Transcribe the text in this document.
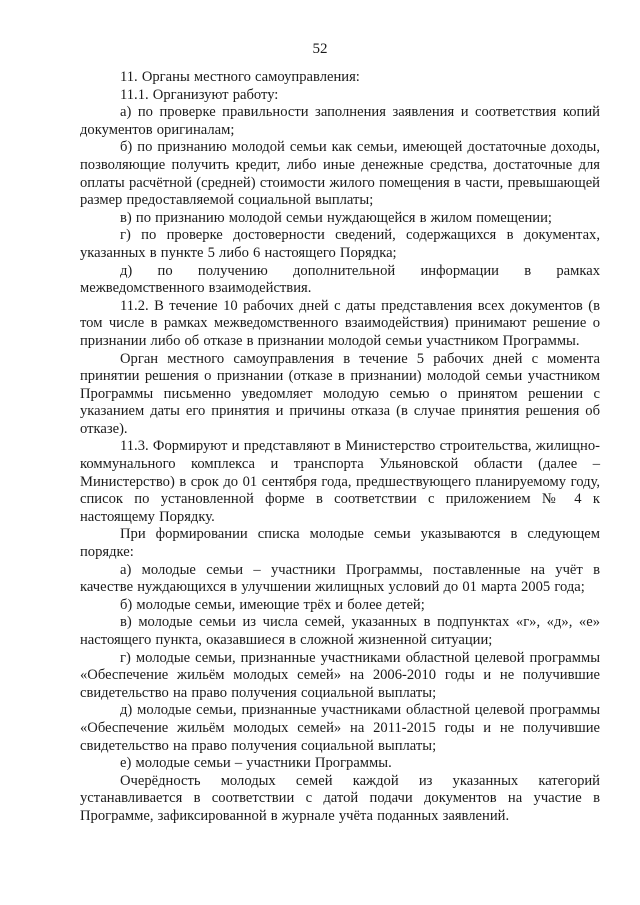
52

11. Органы местного самоуправления:

11.1. Организуют работу:

а) по проверке правильности заполнения заявления и соответствия копий документов оригиналам;

б) по признанию молодой семьи как семьи, имеющей достаточные доходы, позволяющие получить кредит, либо иные денежные средства, достаточные для оплаты расчётной (средней) стоимости жилого помещения в части, превышающей размер предоставляемой социальной выплаты;

в) по признанию молодой семьи нуждающейся в жилом помещении;

г) по проверке достоверности сведений, содержащихся в документах, указанных в пункте 5 либо 6 настоящего Порядка;

д) по получению дополнительной информации в рамках межведомственного взаимодействия.

11.2. В течение 10 рабочих дней с даты представления всех документов (в том числе в рамках межведомственного взаимодействия) принимают решение о признании либо об отказе в признании молодой семьи участником Программы.

Орган местного самоуправления в течение 5 рабочих дней с момента принятии решения о признании (отказе в признании) молодой семьи участником Программы письменно уведомляет молодую семью о принятом решении с указанием даты его принятия и причины отказа (в случае принятия решения об отказе).

11.3. Формируют и представляют в Министерство строительства, жилищно-коммунального комплекса и транспорта Ульяновской области (далее – Министерство) в срок до 01 сентября года, предшествующего планируемому году, список по установленной форме в соответствии с приложением № 4 к настоящему Порядку.

При формировании списка молодые семьи указываются в следующем порядке:

а) молодые семьи – участники Программы, поставленные на учёт в качестве нуждающихся в улучшении жилищных условий до 01 марта 2005 года;

б) молодые семьи, имеющие трёх и более детей;

в) молодые семьи из числа семей, указанных в подпунктах «г», «д», «е» настоящего пункта, оказавшиеся в сложной жизненной ситуации;

г) молодые семьи, признанные участниками областной целевой программы «Обеспечение жильём молодых семей» на 2006-2010 годы и не получившие свидетельство на право получения социальной выплаты;

д) молодые семьи, признанные участниками областной целевой программы «Обеспечение жильём молодых семей» на 2011-2015 годы и не получившие свидетельство на право получения социальной выплаты;

е) молодые семьи – участники Программы.

Очерёдность молодых семей каждой из указанных категорий устанавливается в соответствии с датой подачи документов на участие в Программе, зафиксированной в журнале учёта поданных заявлений.
